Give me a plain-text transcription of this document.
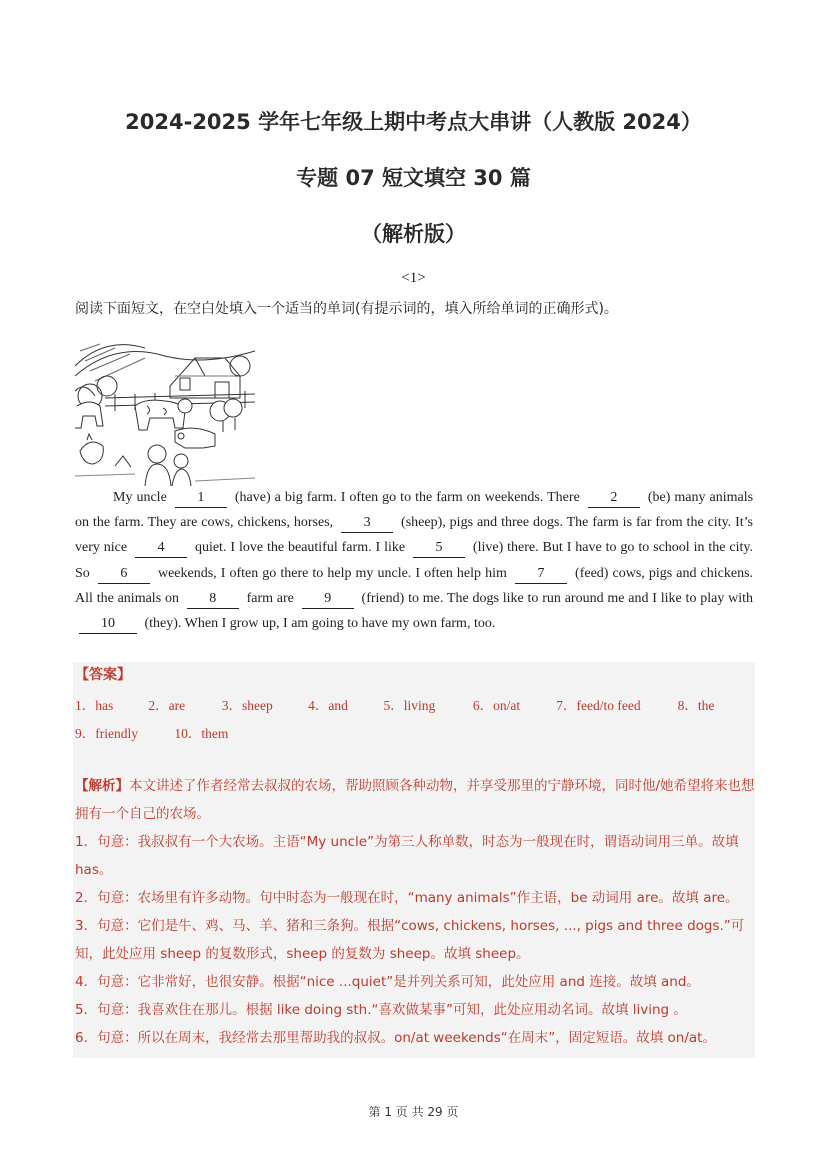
2024-2025 学年七年级上期中考点大串讲（人教版 2024）
专题 07 短文填空 30 篇
（解析版）
<1>
阅读下面短文，在空白处填入一个适当的单词(有提示词的，填入所给单词的正确形式)。
My uncle 1 (have) a big farm. I often go to the farm on weekends. There 2 (be) many animals on the farm. They are cows, chickens, horses, 3 (sheep), pigs and three dogs. The farm is far from the city. It’s very nice 4 quiet. I love the beautiful farm. I like 5 (live) there. But I have to go to school in the city. So 6 weekends, I often go there to help my uncle. I often help him 7 (feed) cows, pigs and chickens. All the animals on 8 farm are 9 (friend) to me. The dogs like to run around me and I like to play with 10 (they). When I grow up, I am going to have my own farm, too.
【答案】
1．has	2．are	3．sheep	4．and	5．living	6．on/at	7．feed/to feed	8．the
9．friendly	10．them
【解析】本文讲述了作者经常去叔叔的农场，帮助照顾各种动物，并享受那里的宁静环境，同时他/她希望将来也想拥有一个自己的农场。
1．句意：我叔叔有一个大农场。主语“My uncle”为第三人称单数，时态为一般现在时，谓语动词用三单。故填 has。
2．句意：农场里有许多动物。句中时态为一般现在时，“many animals”作主语，be 动词用 are。故填 are。
3．句意：它们是牛、鸡、马、羊、猪和三条狗。根据“cows, chickens, horses, ..., pigs and three dogs.”可知，此处应用 sheep 的复数形式，sheep 的复数为 sheep。故填 sheep。
4．句意：它非常好，也很安静。根据“nice ...quiet”是并列关系可知，此处应用 and 连接。故填 and。
5．句意：我喜欢住在那儿。根据 like doing sth.“喜欢做某事”可知，此处应用动名词。故填 living 。
6．句意：所以在周末，我经常去那里帮助我的叔叔。on/at weekends“在周末”，固定短语。故填 on/at。
第 1 页 共 29 页
